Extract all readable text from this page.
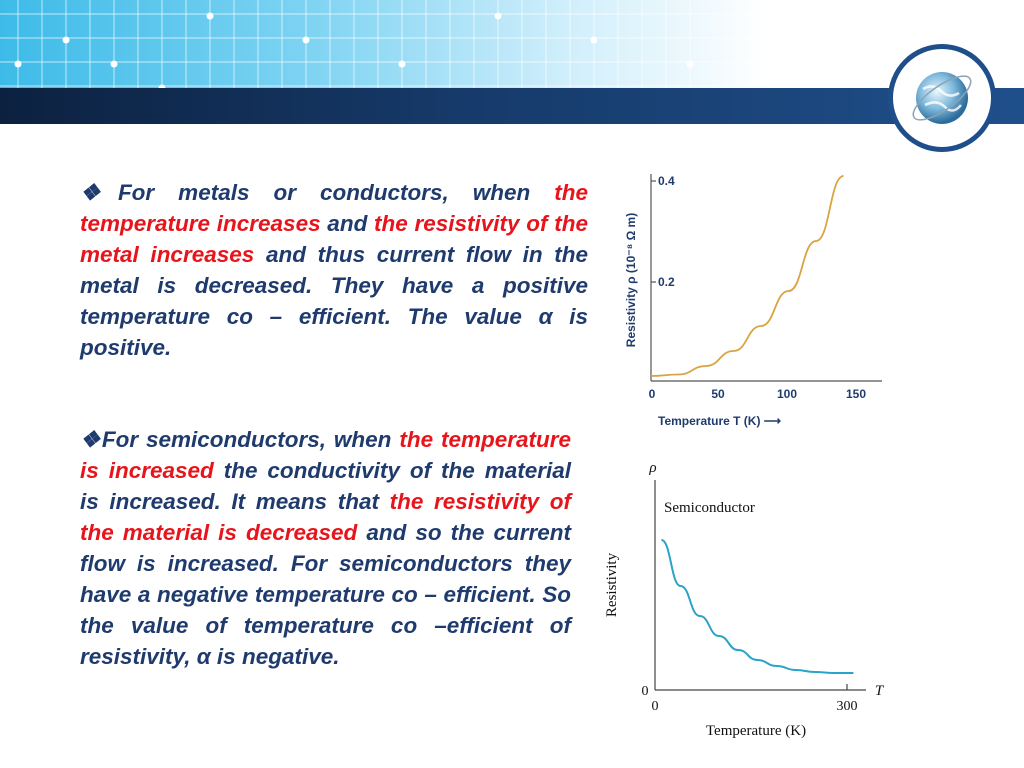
❖For metals or conductors, when the temperature increases and the resistivity of the metal increases and thus current flow in the metal is decreased. They have a positive temperature co – efficient. The value α is positive.
❖For semiconductors, when the temperature is increased the conductivity of the material is increased. It means that the resistivity of the material is decreased and so the current flow is increased. For semiconductors they have a negative temperature co – efficient. So the value of temperature co –efficient of resistivity, α is negative.
0.2
0.4
0	50	100	150
Temperature T (K) ⟶
Resistivity ρ (10⁻⁸ Ω m)
ρ
T
0
0	300
Temperature (K)
Resistivity
Semiconductor
